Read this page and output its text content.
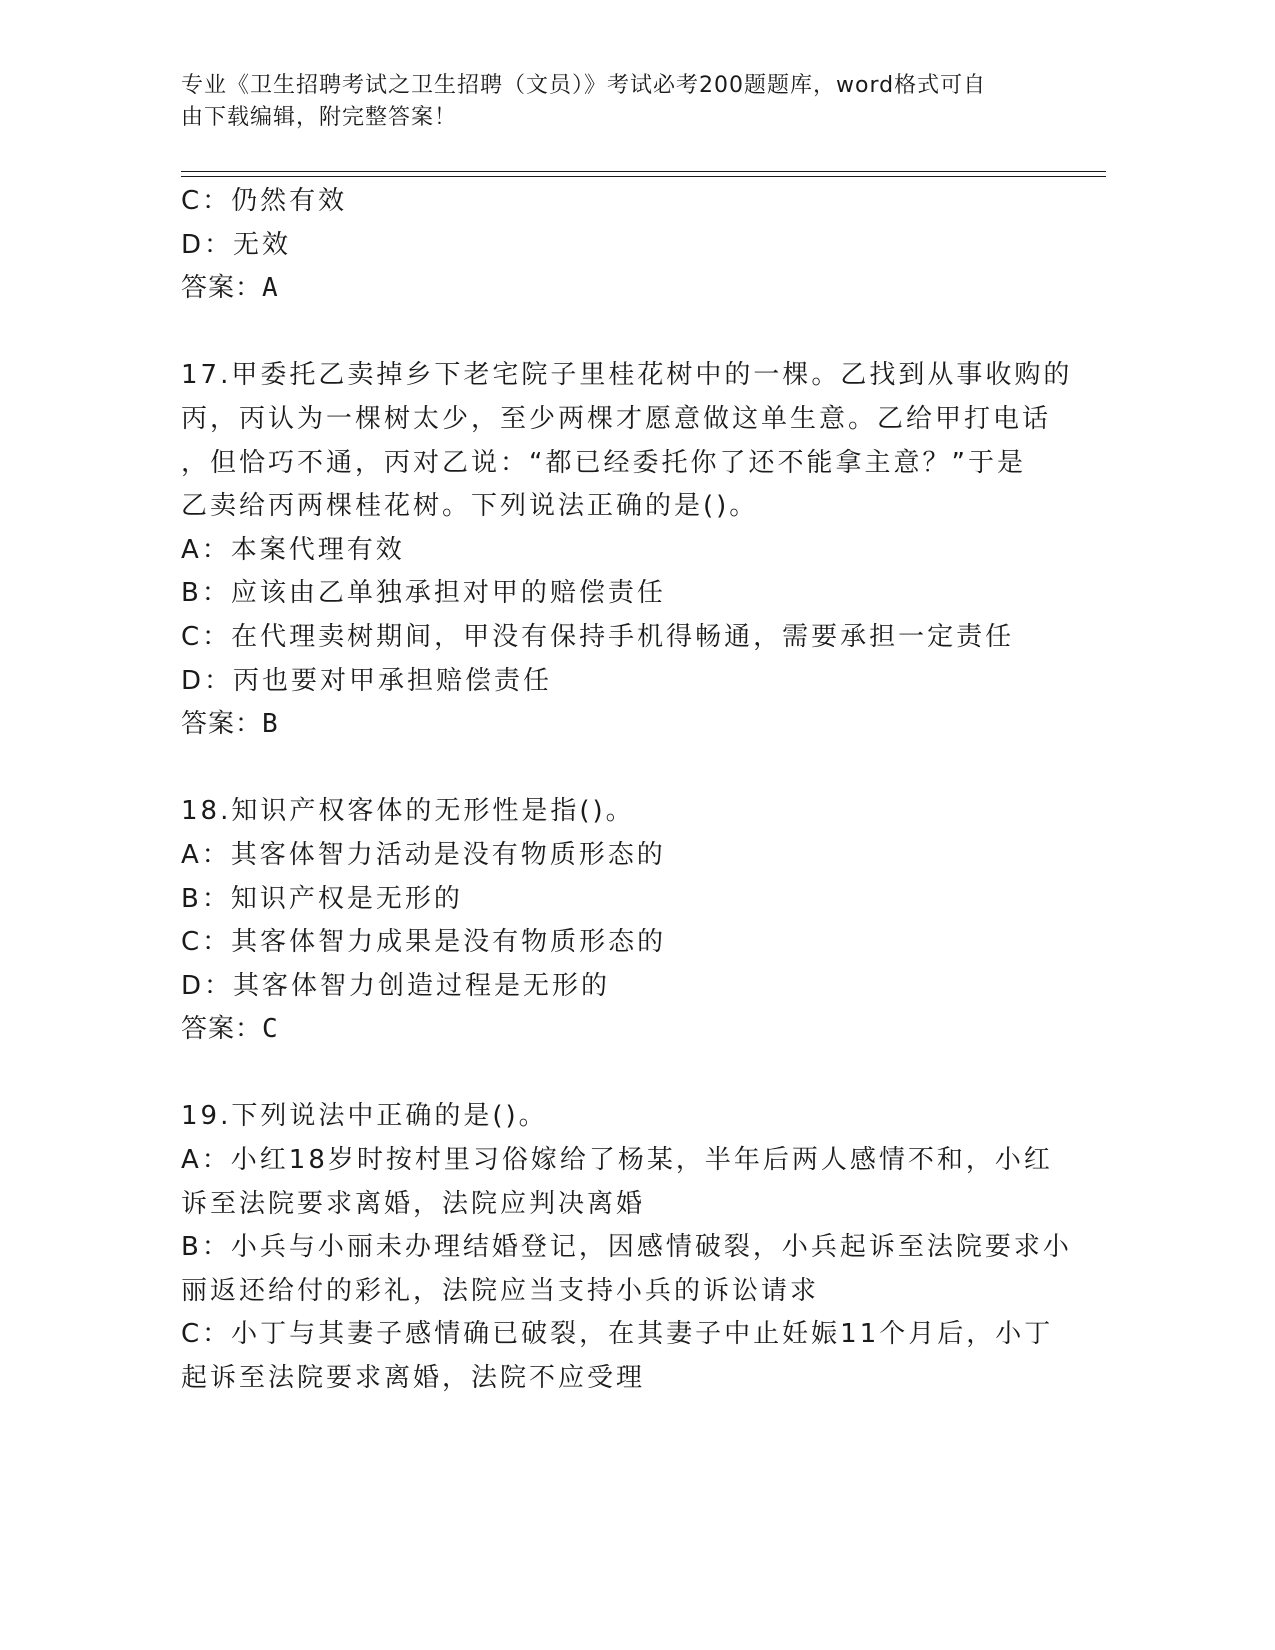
专业《卫生招聘考试之卫生招聘（文员）》考试必考200题题库，word格式可自
由下载编辑，附完整答案！
C：仍然有效
D：无效
答案：A
17.甲委托乙卖掉乡下老宅院子里桂花树中的一棵。乙找到从事收购的
丙，丙认为一棵树太少，至少两棵才愿意做这单生意。乙给甲打电话
，但恰巧不通，丙对乙说：“都已经委托你了还不能拿主意？”于是
乙卖给丙两棵桂花树。下列说法正确的是()。
A：本案代理有效
B：应该由乙单独承担对甲的赔偿责任
C：在代理卖树期间，甲没有保持手机得畅通，需要承担一定责任
D：丙也要对甲承担赔偿责任
答案：B
18.知识产权客体的无形性是指()。
A：其客体智力活动是没有物质形态的
B：知识产权是无形的
C：其客体智力成果是没有物质形态的
D：其客体智力创造过程是无形的
答案：C
19.下列说法中正确的是()。
A：小红18岁时按村里习俗嫁给了杨某，半年后两人感情不和，小红
诉至法院要求离婚，法院应判决离婚
B：小兵与小丽未办理结婚登记，因感情破裂，小兵起诉至法院要求小
丽返还给付的彩礼，法院应当支持小兵的诉讼请求
C：小丁与其妻子感情确已破裂，在其妻子中止妊娠11个月后，小丁
起诉至法院要求离婚，法院不应受理
